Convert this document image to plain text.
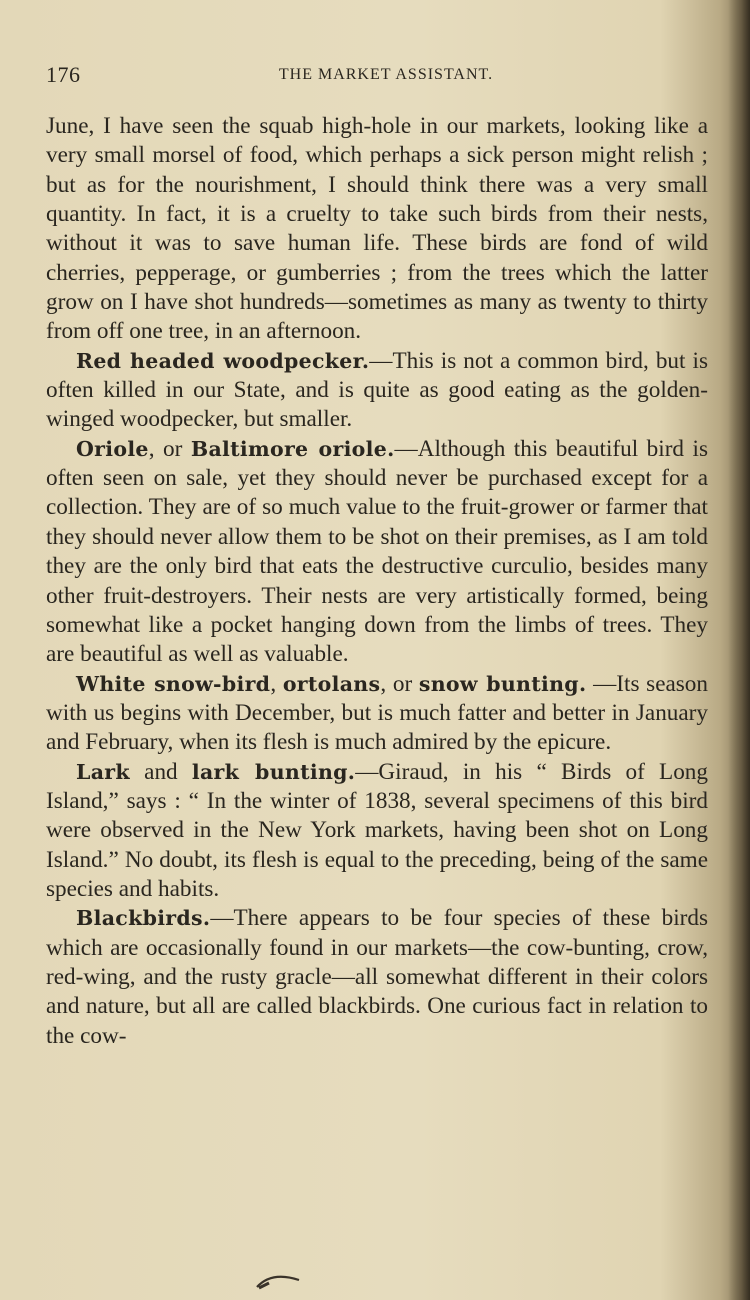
176	THE MARKET ASSISTANT.

June, I have seen the squab high-hole in our markets, looking like a very small morsel of food, which perhaps a sick person might relish ; but as for the nourishment, I should think there was a very small quantity. In fact, it is a cruelty to take such birds from their nests, without it was to save human life. These birds are fond of wild cherries, pepperage, or gumberries ; from the trees which the latter grow on I have shot hundreds—sometimes as many as twenty to thirty from off one tree, in an afternoon.

Red headed woodpecker.—This is not a common bird, but is often killed in our State, and is quite as good eating as the golden-winged woodpecker, but smaller.

Oriole, or Baltimore oriole.—Although this beautiful bird is often seen on sale, yet they should never be purchased except for a collection. They are of so much value to the fruit-grower or farmer that they should never allow them to be shot on their premises, as I am told they are the only bird that eats the destructive curculio, besides many other fruit-destroyers. Their nests are very artistically formed, being somewhat like a pocket hanging down from the limbs of trees. They are beautiful as well as valuable.

White snow-bird, ortolans, or snow bunting. —Its season with us begins with December, but is much fatter and better in January and February, when its flesh is much admired by the epicure.

Lark and lark bunting.—Giraud, in his “ Birds of Long Island,” says : “ In the winter of 1838, several specimens of this bird were observed in the New York markets, having been shot on Long Island.” No doubt, its flesh is equal to the preceding, being of the same species and habits.

Blackbirds.—There appears to be four species of these birds which are occasionally found in our markets—the cow-bunting, crow, red-wing, and the rusty gracle—all somewhat different in their colors and nature, but all are called blackbirds. One curious fact in relation to the cow-
